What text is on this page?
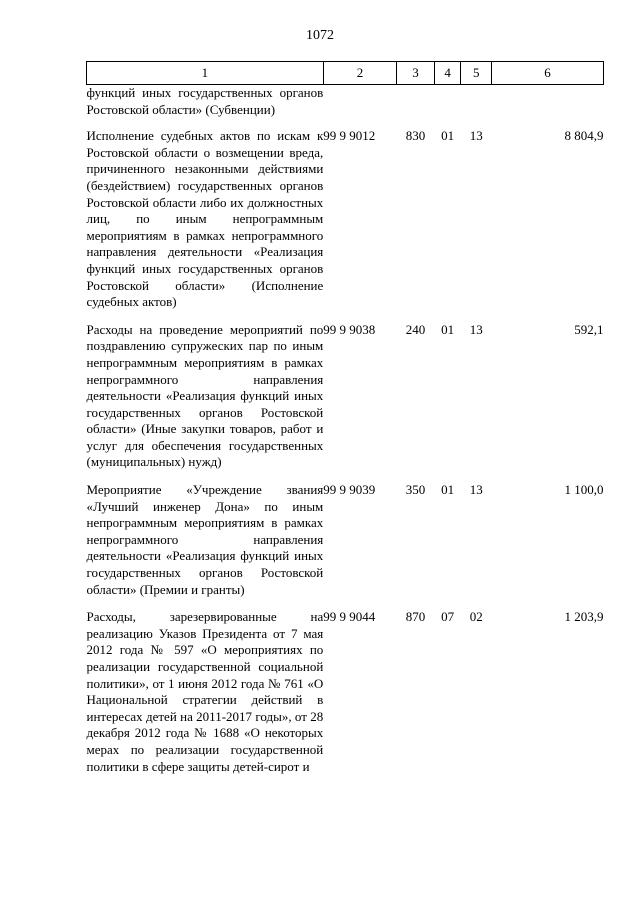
1072
1	2	3	4	5	6
функций иных государственных органов Ростовской области» (Субвенции)					
Исполнение судебных актов по искам к Ростовской области о возмещении вреда, причиненного незаконными действиями (бездействием) государственных органов Ростовской области либо их должностных лиц, по иным непрограммным мероприятиям в рамках непрограммного направления деятельности «Реализация функций иных государственных органов Ростовской области» (Исполнение судебных актов)	99 9 9012	830	01	13	8 804,9
Расходы на проведение мероприятий по поздравлению супружеских пар по иным непрограммным мероприятиям в рамках непрограммного направления деятельности «Реализация функций иных государственных органов Ростовской области» (Иные закупки товаров, работ и услуг для обеспечения государственных (муниципальных) нужд)	99 9 9038	240	01	13	592,1
Мероприятие «Учреждение звания «Лучший инженер Дона» по иным непрограммным мероприятиям в рамках непрограммного направления деятельности «Реализация функций иных государственных органов Ростовской области» (Премии и гранты)	99 9 9039	350	01	13	1 100,0
Расходы, зарезервированные на реализацию Указов Президента от 7 мая 2012 года № 597 «О мероприятиях по реализации государственной социальной политики», от 1 июня 2012 года № 761 «О Национальной стратегии действий в интересах детей на 2011-2017 годы», от 28 декабря 2012 года № 1688 «О некоторых мерах по реализации государственной политики в сфере защиты детей-сирот и	99 9 9044	870	07	02	1 203,9
